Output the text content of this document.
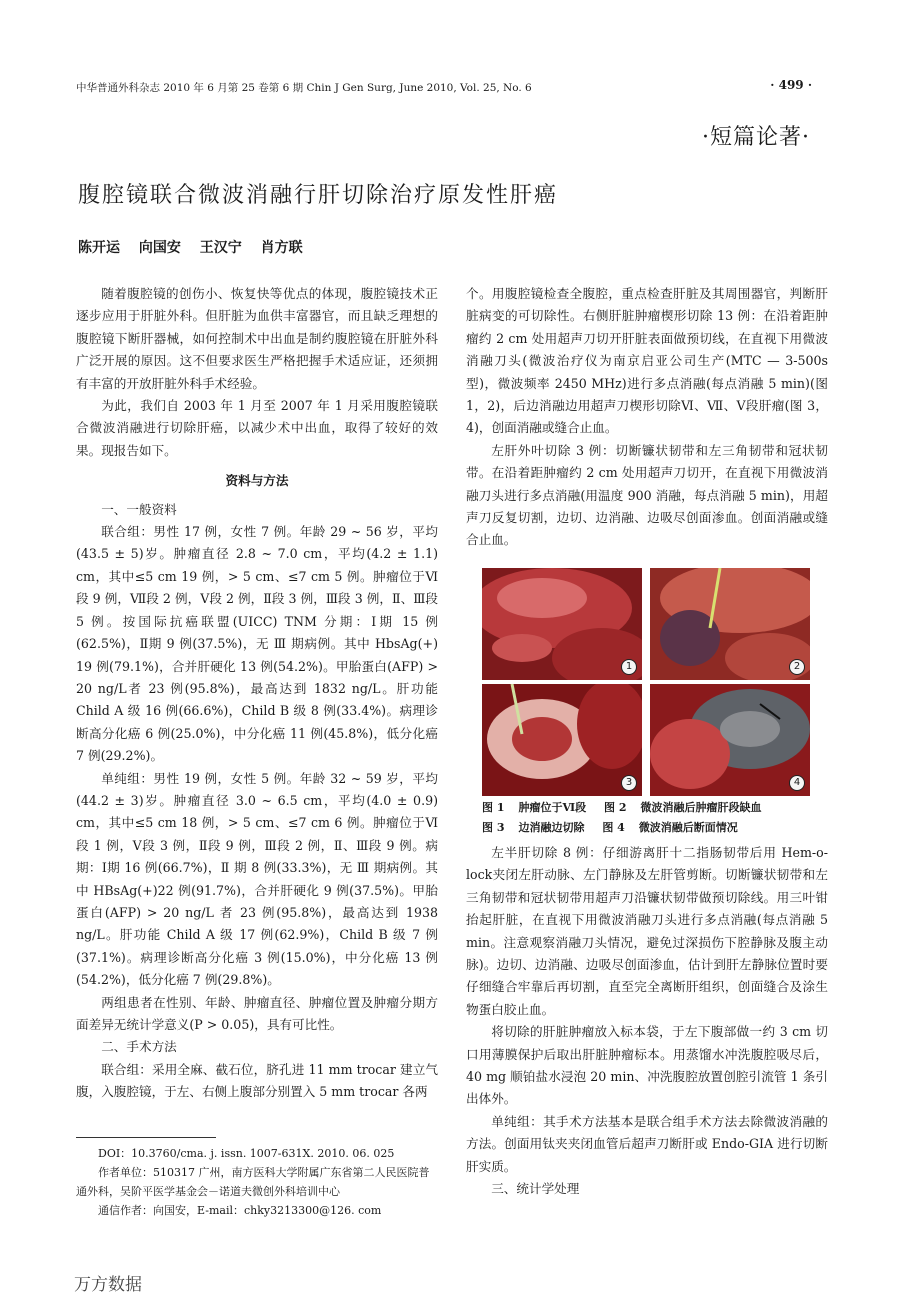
中华普通外科杂志 2010 年 6 月第 25 卷第 6 期 Chin J Gen Surg, June 2010, Vol. 25, No. 6	· 499 ·
·短篇论著·
腹腔镜联合微波消融行肝切除治疗原发性肝癌
陈开运 向国安 王汉宁 肖方联

随着腹腔镜的创伤小、恢复快等优点的体现，腹腔镜技术正逐步应用于肝脏外科。但肝脏为血供丰富器官，而且缺乏理想的腹腔镜下断肝器械，如何控制术中出血是制约腹腔镜在肝脏外科广泛开展的原因。这不但要求医生严格把握手术适应证，还须拥有丰富的开放肝脏外科手术经验。

为此，我们自 2003 年 1 月至 2007 年 1 月采用腹腔镜联合微波消融进行切除肝癌，以减少术中出血，取得了较好的效果。现报告如下。

资料与方法

一、一般资料

联合组：男性 17 例，女性 7 例。年龄 29 ~ 56 岁，平均(43.5 ± 5)岁。肿瘤直径 2.8 ~ 7.0 cm，平均(4.2 ± 1.1) cm，其中≤5 cm 19 例，> 5 cm、≤7 cm 5 例。肿瘤位于Ⅵ段 9 例，Ⅶ段 2 例，Ⅴ段 2 例，Ⅱ段 3 例，Ⅲ段 3 例，Ⅱ、Ⅲ段 5 例。按国际抗癌联盟(UICC) TNM 分期：Ⅰ期 15 例(62.5%)，Ⅱ期 9 例(37.5%)，无 Ⅲ 期病例。其中 HbsAg(+) 19 例(79.1%)，合并肝硬化 13 例(54.2%)。甲胎蛋白(AFP) > 20 ng/L者 23 例(95.8%)，最高达到 1832 ng/L。肝功能 Child A 级 16 例(66.6%)，Child B 级 8 例(33.4%)。病理诊断高分化癌 6 例(25.0%)，中分化癌 11 例(45.8%)，低分化癌 7 例(29.2%)。

单纯组：男性 19 例，女性 5 例。年龄 32 ~ 59 岁，平均(44.2 ± 3)岁。肿瘤直径 3.0 ~ 6.5 cm，平均(4.0 ± 0.9) cm，其中≤5 cm 18 例，> 5 cm、≤7 cm 6 例。肿瘤位于Ⅵ段 1 例，Ⅴ段 3 例，Ⅱ段 9 例，Ⅲ段 2 例，Ⅱ、Ⅲ段 9 例。病期：Ⅰ期 16 例(66.7%)，Ⅱ 期 8 例(33.3%)，无 Ⅲ 期病例。其中 HBsAg(+)22 例(91.7%)，合并肝硬化 9 例(37.5%)。甲胎蛋白(AFP) > 20 ng/L 者 23 例(95.8%)，最高达到 1938 ng/L。肝功能 Child A 级 17 例(62.9%)，Child B 级 7 例(37.1%)。病理诊断高分化癌 3 例(15.0%)，中分化癌 13 例(54.2%)，低分化癌 7 例(29.8%)。

两组患者在性别、年龄、肿瘤直径、肿瘤位置及肿瘤分期方面差异无统计学意义(P > 0.05)，具有可比性。

二、手术方法

联合组：采用全麻、截石位，脐孔进 11 mm trocar 建立气腹，入腹腔镜，于左、右侧上腹部分别置入 5 mm trocar 各两

DOI：10.3760/cma. j. issn. 1007-631X. 2010. 06. 025

作者单位：510317 广州，南方医科大学附属广东省第二人民医院普通外科，吴阶平医学基金会－诺道夫微创外科培训中心

通信作者：向国安，E-mail：chky3213300@126. com

个。用腹腔镜检查全腹腔，重点检查肝脏及其周围器官，判断肝脏病变的可切除性。右侧肝脏肿瘤楔形切除 13 例：在沿着距肿瘤约 2 cm 处用超声刀切开肝脏表面做预切线，在直视下用微波消融刀头(微波治疗仪为南京启亚公司生产(MTC — 3-500s 型)，微波频率 2450 MHz)进行多点消融(每点消融 5 min)(图 1，2)，后边消融边用超声刀楔形切除Ⅵ、Ⅶ、Ⅴ段肝瘤(图 3，4)，创面消融或缝合止血。

左肝外叶切除 3 例：切断镰状韧带和左三角韧带和冠状韧带。在沿着距肿瘤约 2 cm 处用超声刀切开，在直视下用微波消融刀头进行多点消融(用温度 900 消融，每点消融 5 min)，用超声刀反复切割，边切、边消融、边吸尽创面渗血。创面消融或缝合止血。

1	2
3	4
图 1 肿瘤位于Ⅵ段 图 2 微波消融后肿瘤肝段缺血
图 3 边消融边切除 图 4 微波消融后断面情况

左半肝切除 8 例：仔细游离肝十二指肠韧带后用 Hem-o-lock夹闭左肝动脉、左门静脉及左肝管剪断。切断镰状韧带和左三角韧带和冠状韧带用超声刀沿镰状韧带做预切除线。用三叶钳抬起肝脏，在直视下用微波消融刀头进行多点消融(每点消融 5 min。注意观察消融刀头情况，避免过深损伤下腔静脉及腹主动脉)。边切、边消融、边吸尽创面渗血，估计到肝左静脉位置时要仔细缝合牢靠后再切割，直至完全离断肝组织，创面缝合及涂生物蛋白胶止血。

将切除的肝脏肿瘤放入标本袋，于左下腹部做一约 3 cm 切口用薄膜保护后取出肝脏肿瘤标本。用蒸馏水冲洗腹腔吸尽后，40 mg 顺铂盐水浸泡 20 min、冲洗腹腔放置创腔引流管 1 条引出体外。

单纯组：其手术方法基本是联合组手术方法去除微波消融的方法。创面用钛夹夹闭血管后超声刀断肝或 Endo-GIA 进行切断肝实质。

三、统计学处理

万方数据
